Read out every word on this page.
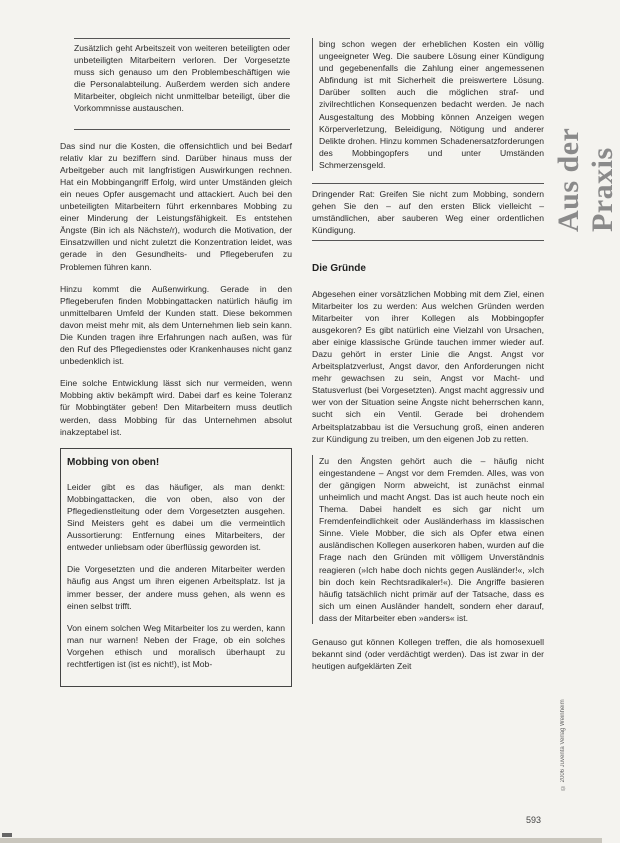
Aus der Praxis

Zusätzlich geht Arbeitszeit von weiteren beteiligten oder unbeteiligten Mitarbeitern verloren. Der Vorgesetzte muss sich genauso um den Problembeschäftigen wie die Personalabteilung. Außerdem werden sich andere Mitarbeiter, obgleich nicht unmittelbar beteiligt, über die Vorkommnisse austauschen.

Das sind nur die Kosten, die offensichtlich und bei Bedarf relativ klar zu beziffern sind. Darüber hinaus muss der Arbeitgeber auch mit langfristigen Auswirkungen rechnen. Hat ein Mobbingangriff Erfolg, wird unter Umständen gleich ein neues Opfer ausgemacht und attackiert. Auch bei den unbeteiligten Mitarbeitern führt erkennbares Mobbing zu einer Minderung der Leistungsfähigkeit. Es entstehen Ängste (Bin ich als Nächste/r), wodurch die Motivation, der Einsatzwillen und nicht zuletzt die Konzentration leidet, was gerade in den Gesundheits- und Pflegeberufen zu Problemen führen kann.

Hinzu kommt die Außenwirkung. Gerade in den Pflegeberufen finden Mobbingattacken natürlich häufig im unmittelbaren Umfeld der Kunden statt. Diese bekommen davon meist mehr mit, als dem Unternehmen lieb sein kann. Die Kunden tragen ihre Erfahrungen nach außen, was für den Ruf des Pflegedienstes oder Krankenhauses nicht ganz unbedenklich ist.

Eine solche Entwicklung lässt sich nur vermeiden, wenn Mobbing aktiv bekämpft wird. Dabei darf es keine Toleranz für Mobbingtäter geben! Den Mitarbeitern muss deutlich werden, dass Mobbing für das Unternehmen absolut inakzeptabel ist.

Mobbing von oben!

Leider gibt es das häufiger, als man denkt: Mobbingattacken, die von oben, also von der Pflegedienstleitung oder dem Vorgesetzten ausgehen. Sind Meisters geht es dabei um die vermeintlich Aussortierung: Entfernung eines Mitarbeiters, der entweder unliebsam oder überflüssig geworden ist.

Die Vorgesetzten und die anderen Mitarbeiter werden häufig aus Angst um ihren eigenen Arbeitsplatz. Ist ja immer besser, der andere muss gehen, als wenn es einen selbst trifft.

Von einem solchen Weg Mitarbeiter los zu werden, kann man nur warnen! Neben der Frage, ob ein solches Vorgehen ethisch und moralisch überhaupt zu rechtfertigen ist (ist es nicht!), ist Mob-

bing schon wegen der erheblichen Kosten ein völlig ungeeigneter Weg. Die saubere Lösung einer Kündigung und gegebenenfalls die Zahlung einer angemessenen Abfindung ist mit Sicherheit die preiswertere Lösung. Darüber sollten auch die möglichen straf- und zivilrechtlichen Konsequenzen bedacht werden. Je nach Ausgestaltung des Mobbing können Anzeigen wegen Körperverletzung, Beleidigung, Nötigung und anderer Delikte drohen. Hinzu kommen Schadenersatzforderungen des Mobbingopfers und unter Umständen Schmerzensgeld.

Dringender Rat: Greifen Sie nicht zum Mobbing, sondern gehen Sie den – auf den ersten Blick vielleicht – umständlichen, aber sauberen Weg einer ordentlichen Kündigung.

Die Gründe

Abgesehen einer vorsätzlichen Mobbing mit dem Ziel, einen Mitarbeiter los zu werden: Aus welchen Gründen werden Mitarbeiter von ihrer Kollegen als Mobbingopfer ausgekoren? Es gibt natürlich eine Vielzahl von Ursachen, aber einige klassische Gründe tauchen immer wieder auf. Dazu gehört in erster Linie die Angst. Angst vor Arbeitsplatzverlust, Angst davor, den Anforderungen nicht mehr gewachsen zu sein, Angst vor Macht- und Statusverlust (bei Vorgesetzten). Angst macht aggressiv und wer von der Situation seine Ängste nicht beherrschen kann, sucht sich ein Ventil. Gerade bei drohendem Arbeitsplatzabbau ist die Versuchung groß, einen anderen zur Kündigung zu treiben, um den eigenen Job zu retten.

Zu den Ängsten gehört auch die – häufig nicht eingestandene – Angst vor dem Fremden. Alles, was von der gängigen Norm abweicht, ist zunächst einmal unheimlich und macht Angst. Das ist auch heute noch ein Thema. Dabei handelt es sich gar nicht um Fremdenfeindlichkeit oder Ausländerhass im klassischen Sinne. Viele Mobber, die sich als Opfer etwa einen ausländischen Kollegen auserkoren haben, wurden auf die Frage nach den Gründen mit völligem Unverständnis reagieren (»Ich habe doch nichts gegen Ausländer!«, »Ich bin doch kein Rechtsradikaler!«). Die Angriffe basieren häufig tatsächlich nicht primär auf der Tatsache, dass es sich um einen Ausländer handelt, sondern eher darauf, dass der Mitarbeiter eben »anders« ist.

Genauso gut können Kollegen treffen, die als homosexuell bekannt sind (oder verdächtigt werden). Das ist zwar in der heutigen aufgeklärten Zeit

© 2006 Juventa Verlag Weinheim
593
